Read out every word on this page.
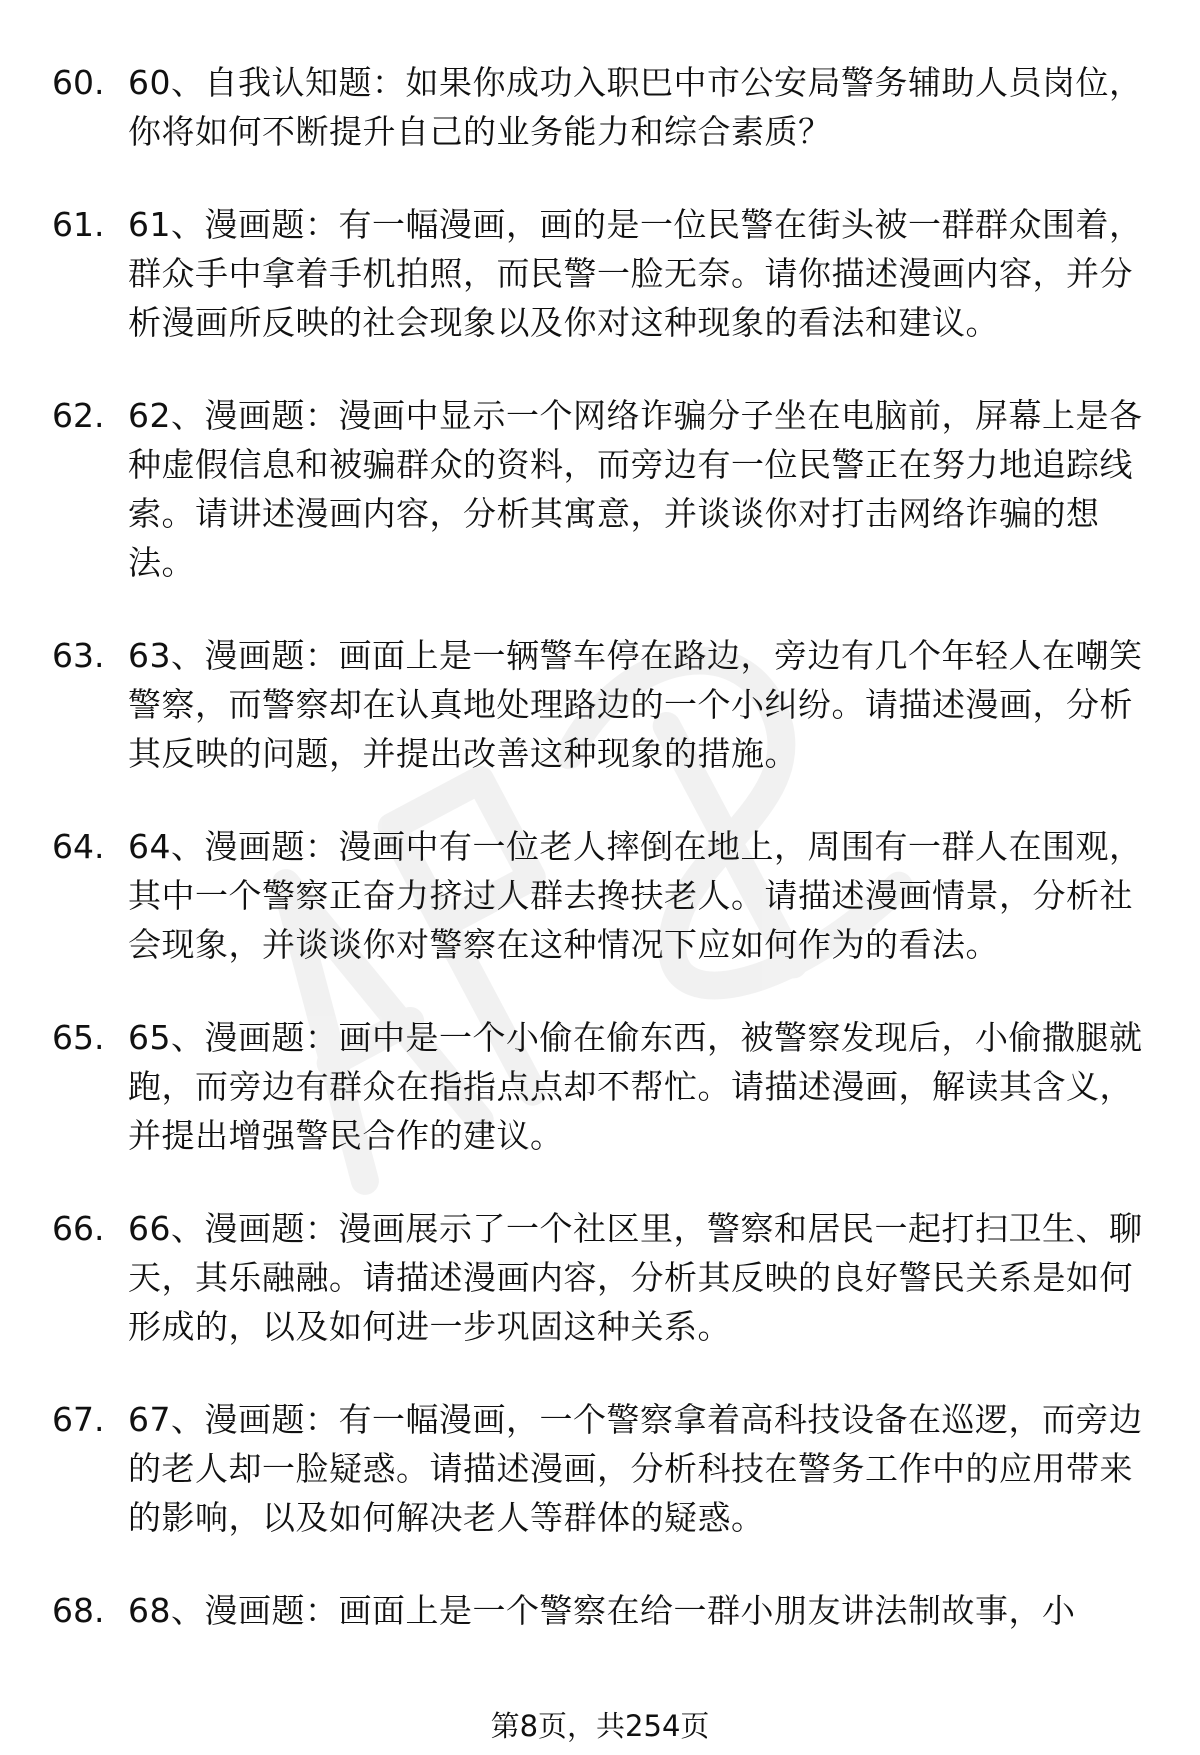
60. 60、自我认知题：如果你成功入职巴中市公安局警务辅助人员岗位，你将如何不断提升自己的业务能力和综合素质？
61. 61、漫画题：有一幅漫画，画的是一位民警在街头被一群群众围着，群众手中拿着手机拍照，而民警一脸无奈。请你描述漫画内容，并分析漫画所反映的社会现象以及你对这种现象的看法和建议。
62. 62、漫画题：漫画中显示一个网络诈骗分子坐在电脑前，屏幕上是各种虚假信息和被骗群众的资料，而旁边有一位民警正在努力地追踪线索。请讲述漫画内容，分析其寓意，并谈谈你对打击网络诈骗的想法。
63. 63、漫画题：画面上是一辆警车停在路边，旁边有几个年轻人在嘲笑警察，而警察却在认真地处理路边的一个小纠纷。请描述漫画，分析其反映的问题，并提出改善这种现象的措施。
64. 64、漫画题：漫画中有一位老人摔倒在地上，周围有一群人在围观，其中一个警察正奋力挤过人群去搀扶老人。请描述漫画情景，分析社会现象，并谈谈你对警察在这种情况下应如何作为的看法。
65. 65、漫画题：画中是一个小偷在偷东西，被警察发现后，小偷撒腿就跑，而旁边有群众在指指点点却不帮忙。请描述漫画，解读其含义，并提出增强警民合作的建议。
66. 66、漫画题：漫画展示了一个社区里，警察和居民一起打扫卫生、聊天，其乐融融。请描述漫画内容，分析其反映的良好警民关系是如何形成的，以及如何进一步巩固这种关系。
67. 67、漫画题：有一幅漫画，一个警察拿着高科技设备在巡逻，而旁边的老人却一脸疑惑。请描述漫画，分析科技在警务工作中的应用带来的影响，以及如何解决老人等群体的疑惑。
68. 68、漫画题：画面上是一个警察在给一群小朋友讲法制故事，小
第8页，共254页
